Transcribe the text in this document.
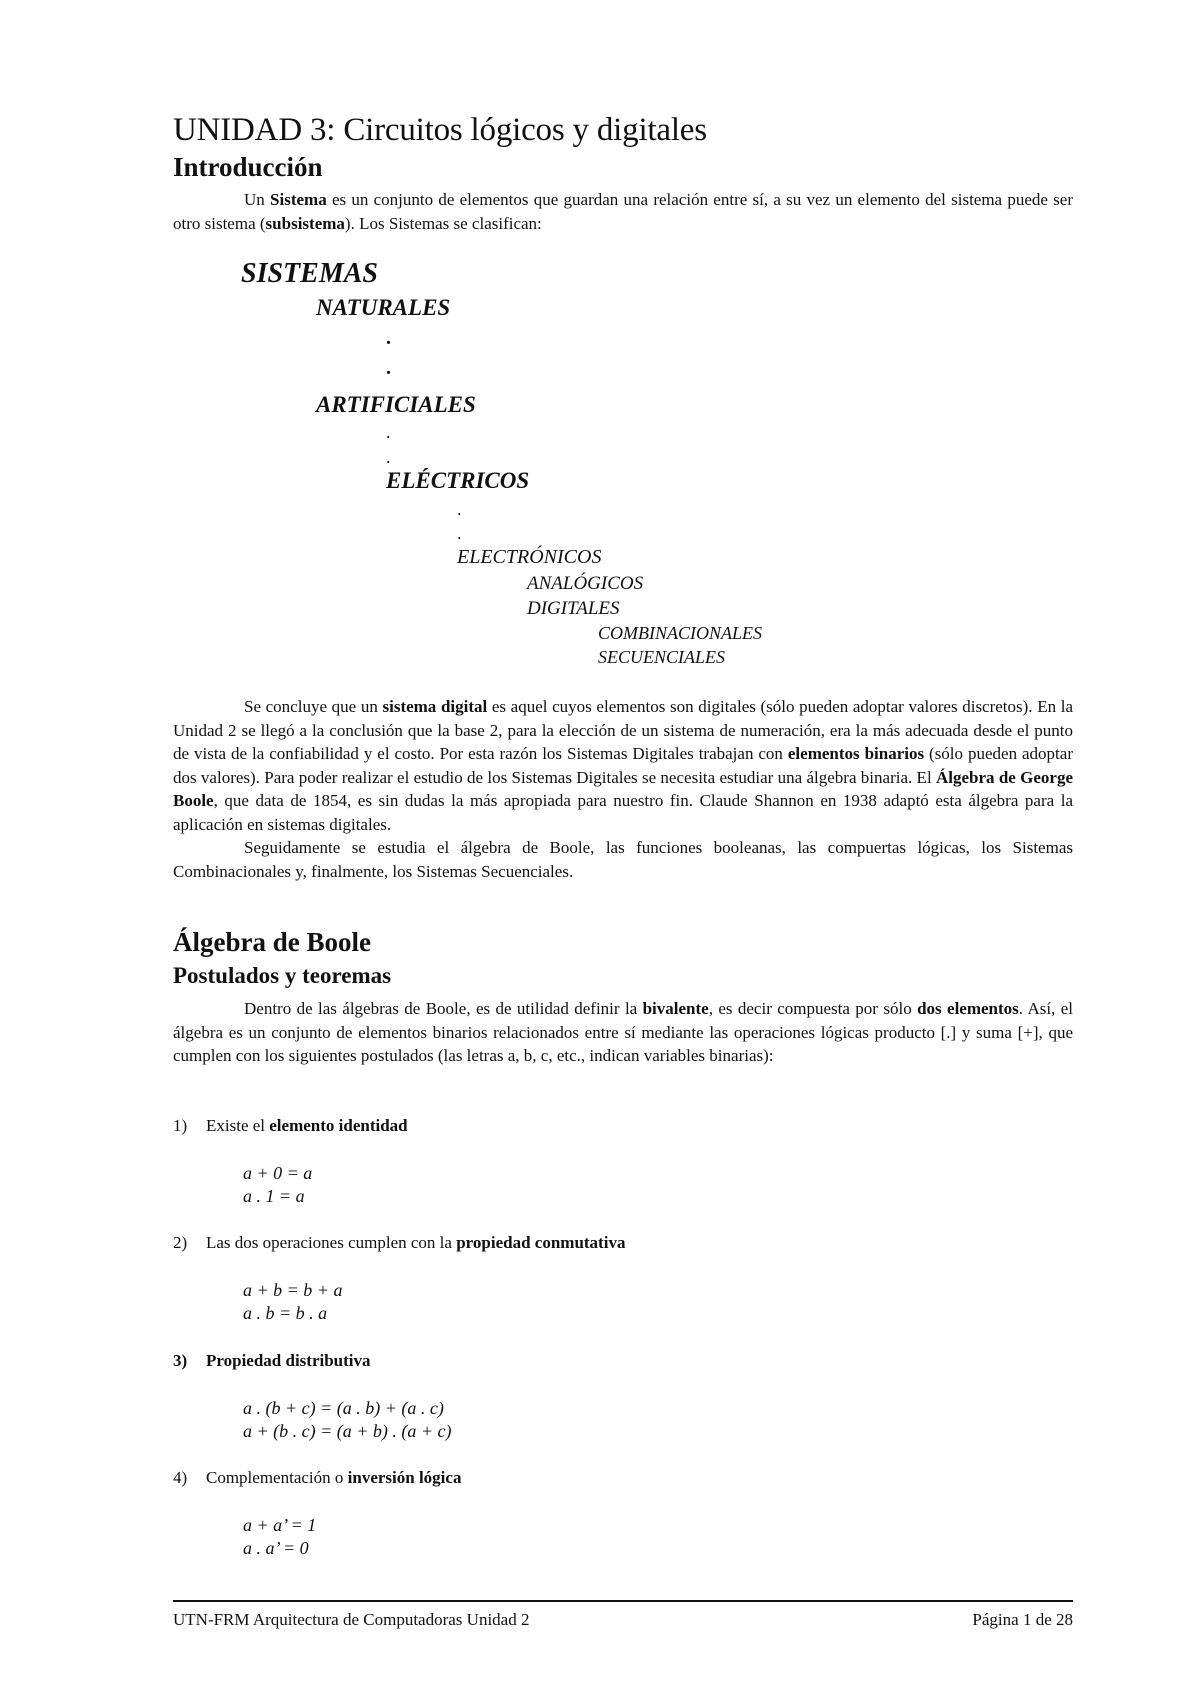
UNIDAD 3: Circuitos lógicos y digitales
Introducción

Un Sistema es un conjunto de elementos que guardan una relación entre sí, a su vez un elemento del sistema puede ser otro sistema (subsistema). Los Sistemas se clasifican:

SISTEMAS
NATURALES
.
.
ARTIFICIALES
.
.
ELÉCTRICOS
.
.
ELECTRÓNICOS
ANALÓGICOS
DIGITALES
COMBINACIONALES
SECUENCIALES

Se concluye que un sistema digital es aquel cuyos elementos son digitales (sólo pueden adoptar valores discretos). En la Unidad 2 se llegó a la conclusión que la base 2, para la elección de un sistema de numeración, era la más adecuada desde el punto de vista de la confiabilidad y el costo. Por esta razón los Sistemas Digitales trabajan con elementos binarios (sólo pueden adoptar dos valores). Para poder realizar el estudio de los Sistemas Digitales se necesita estudiar una álgebra binaria. El Álgebra de George Boole, que data de 1854, es sin dudas la más apropiada para nuestro fin. Claude Shannon en 1938 adaptó esta álgebra para la aplicación en sistemas digitales.

Seguidamente se estudia el álgebra de Boole, las funciones booleanas, las compuertas lógicas, los Sistemas Combinacionales y, finalmente, los Sistemas Secuenciales.

Álgebra de Boole
Postulados y teoremas

Dentro de las álgebras de Boole, es de utilidad definir la bivalente, es decir compuesta por sólo dos elementos. Así, el álgebra es un conjunto de elementos binarios relacionados entre sí mediante las operaciones lógicas producto [.] y suma [+], que cumplen con los siguientes postulados (las letras a, b, c, etc., indican variables binarias):

1) Existe el elemento identidad
a + 0 = a
a . 1 = a
2) Las dos operaciones cumplen con la propiedad conmutativa
a + b = b + a
a . b = b . a
3) Propiedad distributiva
a . (b + c) = (a . b) + (a . c)
a + (b . c) = (a + b) . (a + c)
4) Complementación o inversión lógica
a + a’ = 1
a . a’ = 0
UTN-FRM Arquitectura de Computadoras Unidad 2	Página 1 de 28
